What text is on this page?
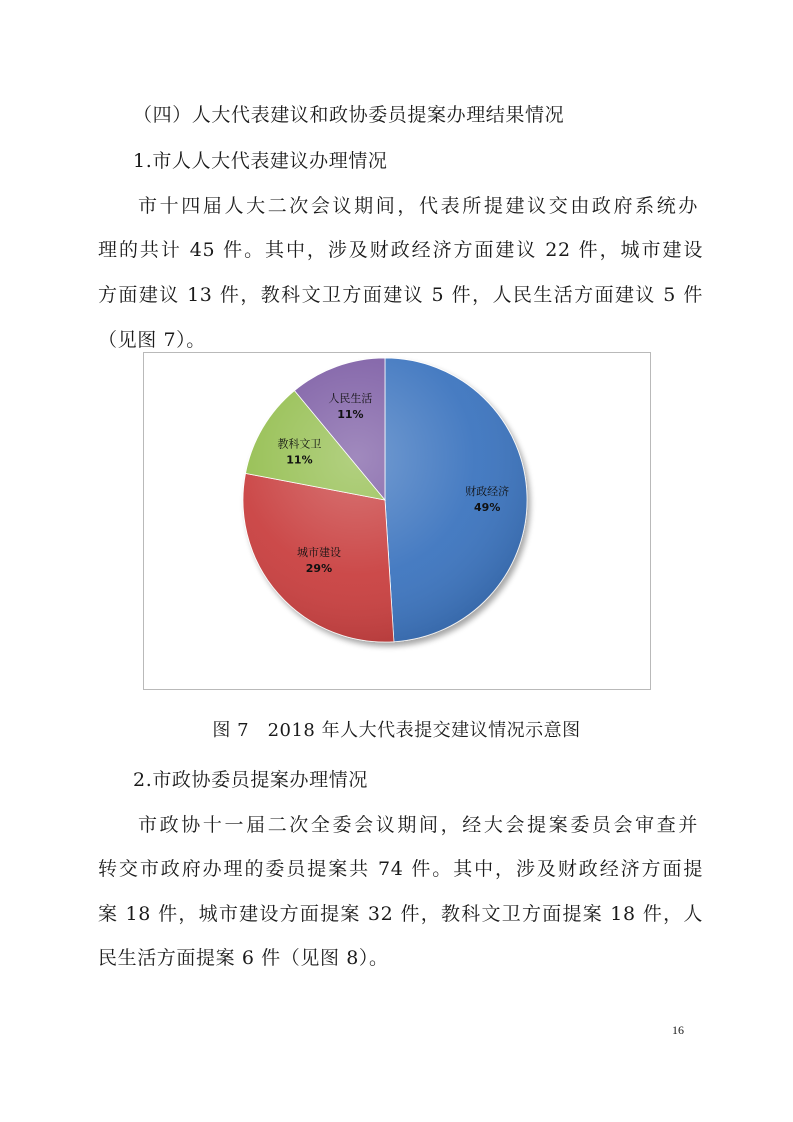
（四）人大代表建议和政协委员提案办理结果情况
1.市人人大代表建议办理情况
市十四届人大二次会议期间，代表所提建议交由政府系统办
理的共计 45 件。其中，涉及财政经济方面建议 22 件，城市建设
方面建议 13 件，教科文卫方面建议 5 件，人民生活方面建议 5 件
（见图 7）。
财政经济
49%
城市建设
29%
教科文卫
11%
人民生活
11%
图 7　2018 年人大代表提交建议情况示意图
2.市政协委员提案办理情况
市政协十一届二次全委会议期间，经大会提案委员会审查并
转交市政府办理的委员提案共 74 件。其中，涉及财政经济方面提
案 18 件，城市建设方面提案 32 件，教科文卫方面提案 18 件，人
民生活方面提案 6 件（见图 8）。
16
